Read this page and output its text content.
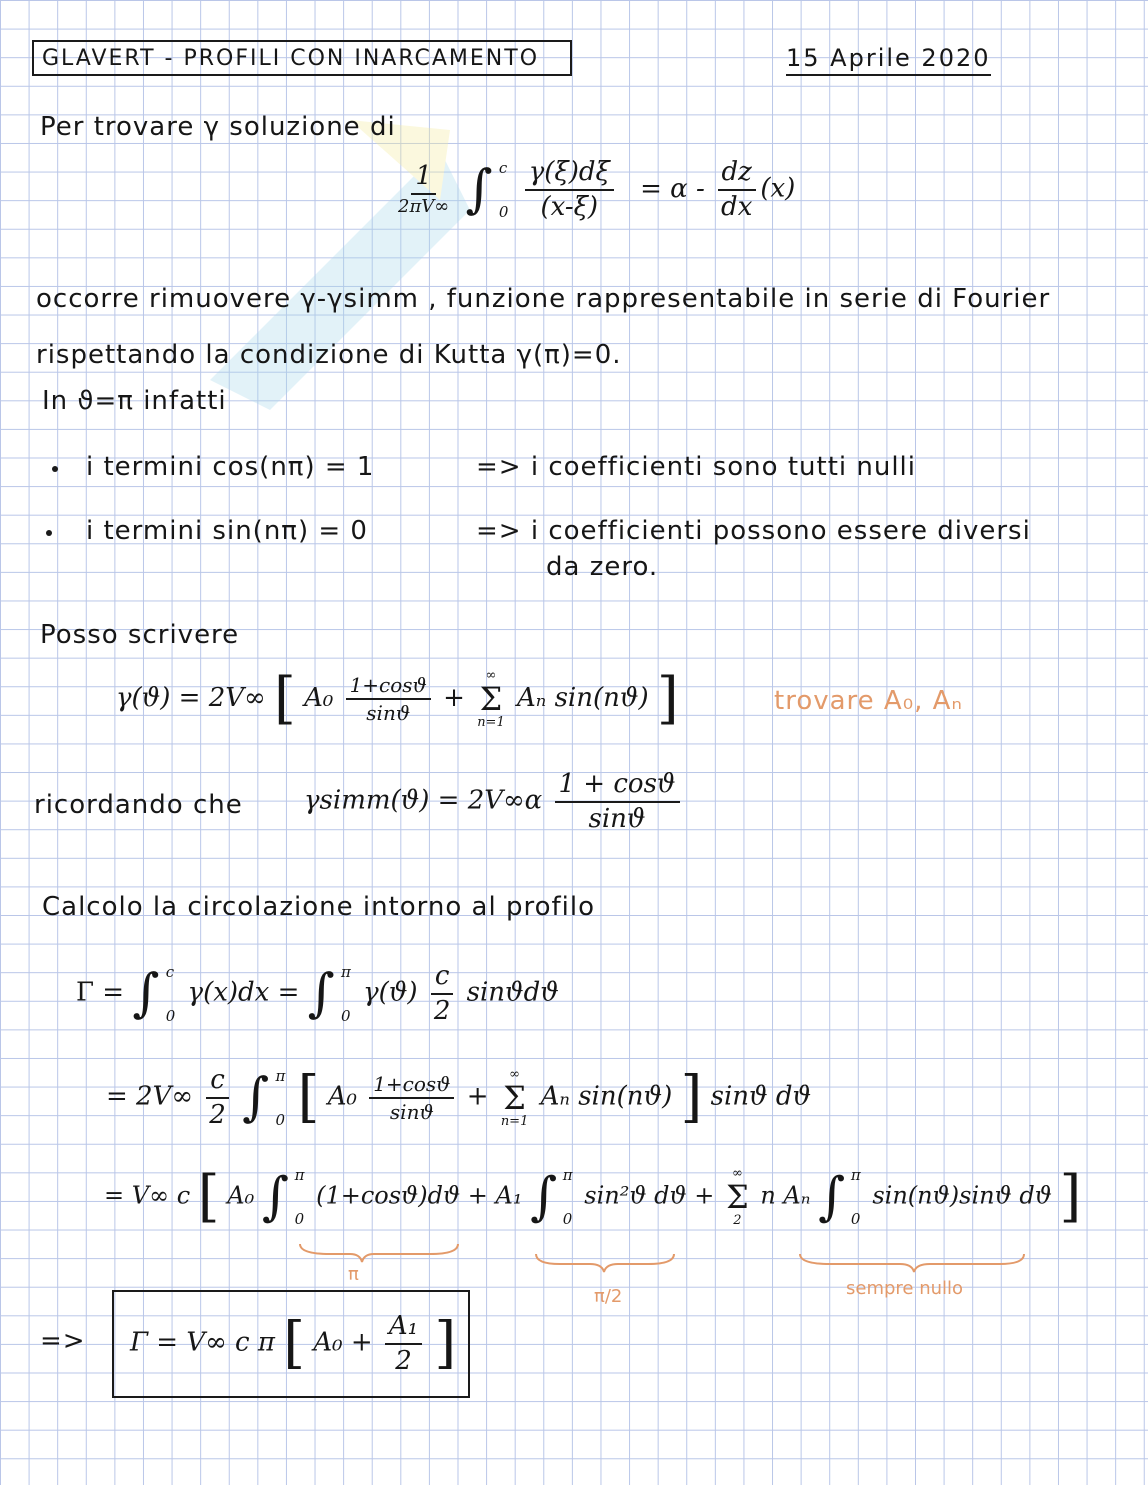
GLAVERT - PROFILI CON INARCAMENTO	15 Aprile 2020
Per trovare γ soluzione di
$\frac{1}{2\pi V\infty}$ ∫ c
0
$\frac{\gamma(\xi)d\xi}{(x-\xi)} = \alpha - \frac{dz}{dx} (x)$
occorre rimuovere γ-γsimm , funzione rappresentabile in serie di Fourier
rispettando la condizione di Kutta γ(π)=0.
In ϑ=π infatti
i termini cos(nπ) = 1	=> i coefficienti sono tutti nulli
i termini sin(nπ) = 0	=> i coefficienti possono essere diversi
da zero.
Posso scrivere
γ(ϑ) = 2V∞ [ $A_0 \frac{1+\cos ϑ}{\sin ϑ}$ +
∞
Σ
n=1
Aₙ sin(nϑ) ]	trovare A₀, Aₙ
ricordando che γsimm(ϑ) = $2V\infty\alpha \frac{1 + \cos ϑ}{\sin ϑ}$
Calcolo la circolazione intorno al profilo
Γ = ∫ c
0
γ(x)dx = ∫ π
0
$\gamma(ϑ) \frac{c}{2}$ sinϑdϑ
= $2V\infty \frac{c}{2}$ ∫ π
0 [ $A_0 \frac{1+\cos ϑ}{\sin ϑ}$ +
∞
Σ
n=1
Aₙ sin(nϑ) ] sinϑ dϑ
= V∞ c [ A₀ ∫ π
0
(1+cosϑ)dϑ + A₁ ∫ π
0
sin²ϑ dϑ +
∞
Σ
2
n Aₙ ∫ π
0
sin(nϑ)sinϑ dϑ ]
π
π/2	sempre nullo
=> Γ = V∞ c π [ $A_0 + \frac{\text{A₁}}{2}$ ]
